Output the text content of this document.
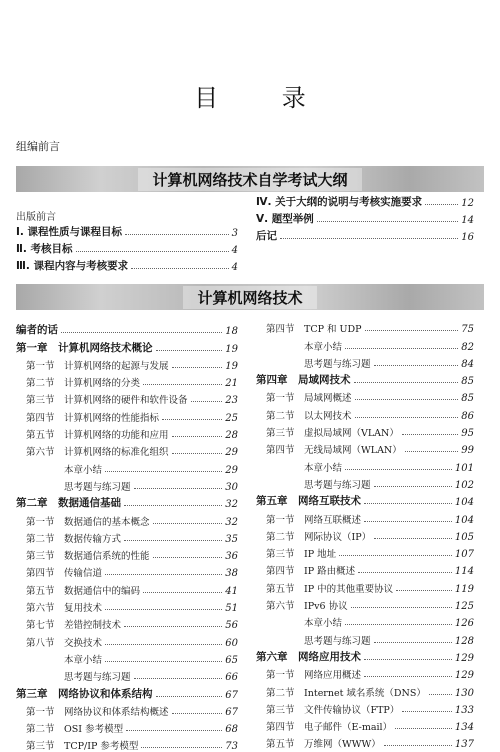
目 录
组编前言
计算机网络技术自学考试大纲
出版前言
Ⅰ. 课程性质与课程目标	3
Ⅱ. 考核目标	4
Ⅲ. 课程内容与考核要求	4
Ⅳ. 关于大纲的说明与考核实施要求	12
Ⅴ. 题型举例	14
后记	16
计算机网络技术
编者的话	18
第一章　计算机网络技术概论	19
第一节 计算机网络的起源与发展	19
第二节 计算机网络的分类	21
第三节 计算机网络的硬件和软件设备	23
第四节 计算机网络的性能指标	25
第五节 计算机网络的功能和应用	28
第六节 计算机网络的标准化组织	29
本章小结	29
思考题与练习题	30
第二章　数据通信基础	32
第一节 数据通信的基本概念	32
第二节 数据传输方式	35
第三节 数据通信系统的性能	36
第四节 传输信道	38
第五节 数据通信中的编码	41
第六节 复用技术	51
第七节 差错控制技术	56
第八节 交换技术	60
本章小结	65
思考题与练习题	66
第三章　网络协议和体系结构	67
第一节 网络协议和体系结构概述	67
第二节 OSI 参考模型	68
第三节 TCP/IP 参考模型	73
第四节 TCP 和 UDP	75
本章小结	82
思考题与练习题	84
第四章　局域网技术	85
第一节 局域网概述	85
第二节 以太网技术	86
第三节 虚拟局域网（VLAN）	95
第四节 无线局域网（WLAN）	99
本章小结	101
思考题与练习题	102
第五章　网络互联技术	104
第一节 网络互联概述	104
第二节 网际协议（IP）	105
第三节 IP 地址	107
第四节 IP 路由概述	114
第五节 IP 中的其他重要协议	119
第六节 IPv6 协议	125
本章小结	126
思考题与练习题	128
第六章　网络应用技术	129
第一节 网络应用概述	129
第二节 Internet 域名系统（DNS）	130
第三节 文件传输协议（FTP）	133
第四节 电子邮件（E-mail）	134
第五节 万维网（WWW）	137
